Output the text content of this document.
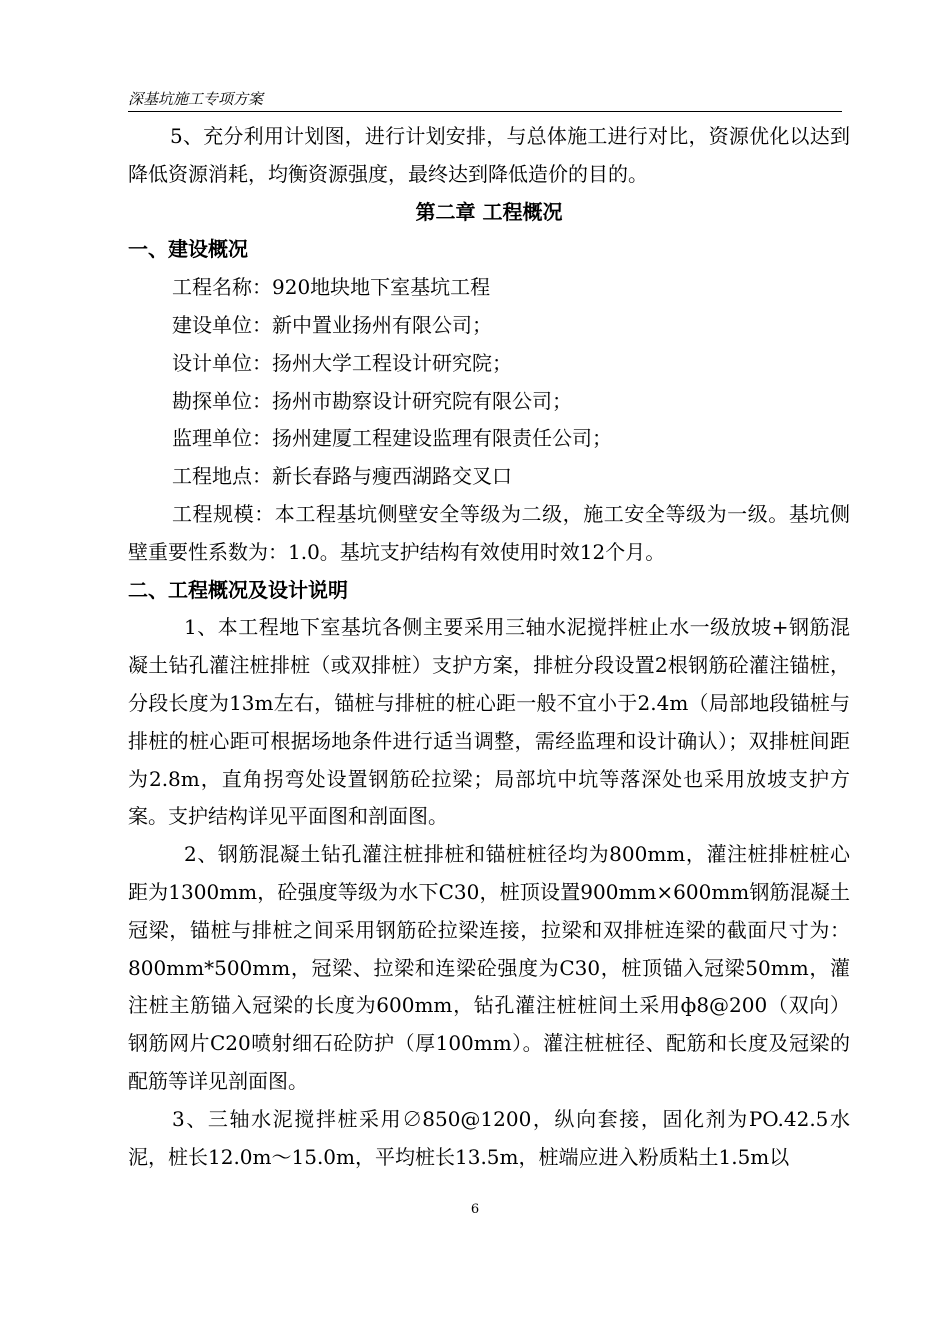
深基坑施工专项方案

5、充分利用计划图，进行计划安排，与总体施工进行对比，资源优化以达到降低资源消耗，均衡资源强度，最终达到降低造价的目的。

第二章 工程概况
一、建设概况

工程名称：920地块地下室基坑工程

建设单位：新中置业扬州有限公司；

设计单位：扬州大学工程设计研究院；

勘探单位：扬州市勘察设计研究院有限公司；

监理单位：扬州建厦工程建设监理有限责任公司；

工程地点：新长春路与瘦西湖路交叉口

工程规模：本工程基坑侧壁安全等级为二级，施工安全等级为一级。基坑侧壁重要性系数为：1.0。基坑支护结构有效使用时效12个月。

二、工程概况及设计说明

1、本工程地下室基坑各侧主要采用三轴水泥搅拌桩止水一级放坡+钢筋混凝土钻孔灌注桩排桩（或双排桩）支护方案，排桩分段设置2根钢筋砼灌注锚桩，分段长度为13m左右，锚桩与排桩的桩心距一般不宜小于2.4m（局部地段锚桩与排桩的桩心距可根据场地条件进行适当调整，需经监理和设计确认）；双排桩间距为2.8m，直角拐弯处设置钢筋砼拉梁；局部坑中坑等落深处也采用放坡支护方案。支护结构详见平面图和剖面图。

2、钢筋混凝土钻孔灌注桩排桩和锚桩桩径均为800mm，灌注桩排桩桩心距为1300mm，砼强度等级为水下C30，桩顶设置900mm×600mm钢筋混凝土冠梁，锚桩与排桩之间采用钢筋砼拉梁连接，拉梁和双排桩连梁的截面尺寸为：800mm*500mm，冠梁、拉梁和连梁砼强度为C30，桩顶锚入冠梁50mm，灌注桩主筋锚入冠梁的长度为600mm，钻孔灌注桩桩间土采用ф8@200（双向）钢筋网片C20喷射细石砼防护（厚100mm）。灌注桩桩径、配筋和长度及冠梁的配筋等详见剖面图。

3、三轴水泥搅拌桩采用∅850@1200，纵向套接，固化剂为PO.42.5水泥，桩长12.0m～15.0m，平均桩长13.5m，桩端应进入粉质粘土1.5m以

6
